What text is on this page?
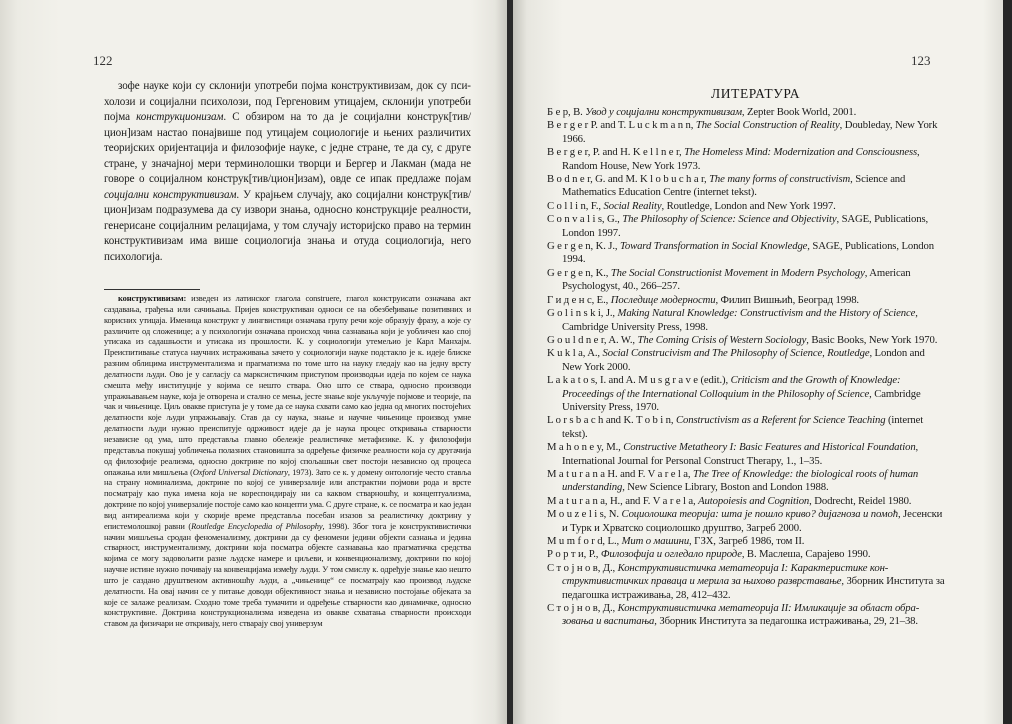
122

зофе науке који су склонији употреби појма конструктивизам, док су психолози и социјални психолози, под Гергеновим утицајем, склонији употреби појма конструкционизам. С обзиром на то да је социјални конструк[тив/цион]изам настао понајвише под утицајем социологије и њених различитих теоријских оријентација и филозофије науке, с једне стране, те да су, с друге стране, у значајној мери терминолошки творци и Бергер и Лакман (мада не говоре о социјалном конструк[тив/цион]изам), овде се ипак предлаже појам социјални конструктивизам. У крајњем случају, ако социјални конструк[тив/цион]изам подразумева да су извори знања, односно конструкције реалности, генерисане социјалним релацијама, у том случају историјско право на термин конструктивизам има више социологија знања и отуда социологија, него психологија.

конструктивизам: изведен из латинског глагола construere, глагол конструисати означава акт саздавања, грађења или сачињања. Пријев конструктиван односи се на обезбеђивање позитивних и корисних утицаја. Именица конструкт у лингвистици означава групу речи које образују фразу, а које су различите од сложенице; а у психологији означава происход чина сазнавања који је уобличен као спој утисака из садашњости и утисака из прошлости. К. у социологији утемељио је Карл Манхајм. Преиспитивање статуса научних истраживања зачето у социологији науке подстакло је к. идеје блиске разним облицима инструментализма и прагматизма по томе што на науку гледају као на једну врсту делатности људи. Ово је у сагласју са марксистичким приступом производњи идеја по којем се наука смешта међу институције у којима се нешто ствара. Оно што се ствара, односно производи упражњавањем науке, која је отворена и стално се мења, јесте знање које укључује појмове и теорије, па чак и чињенице. Циљ овакве приступа је у томе да се наука схвати само као једна од многих постојећих делатности које људи упражњавају. Став да су наука, знање и научне чињенице производ умне делатности људи нужно преиспитује одрживост идеје да је наука процес откривања стварности независне од ума, што представља главно обележје реалистичке метафизике. К. у филозофији представља покушај уобличења полазних становишта за одређење физичке реалности која су другачија од филозофије реализма, односно доктрине по којој спољaшњи свет постоји независно од процеса опажања или мишљења (Oxford Universal Dictionary, 1973). Зато се к. у домену онтологије често ставља на страну номинализма, доктрине по којој се универзалије или апстрактни појмови рода и врсте посматрају као пука имена која не кореспондирају ни са каквом стварношћу, и концептуализма, доктрине по којој универзалије постоје само као концепти ума. С друге стране, к. се посматра и као један вид антиреализма који у скорије време представља посебан изазов за реалистичку доктрину у епистемолошкој равни (Routledge Encyclopedia of Philosophy, 1998). Због тога је конструктивистички начин мишљења сродан феноменализму, доктрини да су феномени једини објекти сазнања и једина стварност, инструментализму, доктрини која посматра објекте сазнавања као прагматичка средства којима се могу задовољити разне људске намере и циљеви, и конвенционализму, доктрини по којој научне истине нужно почивају на конвенцијама између људи. У том смислу к. одређује знање као нешто што је саздано друштвеном активношћу људи, а „чињенице“ се посматрају као производ људске делатности. На овај начин се у питање доводи објективност знања и независно постојање објеката за које се залаже реализам. Сходно томе треба тумачити и одређење стварности као динамичке, односно конструктивне. Доктрина конструкционализма изведена из овакве схватања стварности происходи ставом да физичари не откривају, него стварају свој универзум

123
ЛИТЕРАТУРА
Б е р, В. Увод у социјални конструктивизам, Zepter Book World, 2001.
B e r g e r P. and T. L u c k m a n n, The Social Construction of Reality, Doubleday, New York 1966.
B e r g e r, P. and H. K e l l n e r, The Homeless Mind: Modernization and Consciousness, Random House, New York 1973.
B o d n e r, G. and M. K l o b u c h a r, The many forms of constructivism, Science and Mathematics Education Centre (internet tekst).
C o l l i n, F., Social Reality, Routledge, London and New York 1997.
C o n v a l i s, G., The Philosophy of Science: Science and Objectivity, SAGE, Publications, London 1997.
G e r g e n, K. J., Toward Transformation in Social Knowledge, SAGE, Publications, London 1994.
G e r g e n, K., The Social Constructionist Movement in Modern Psychology, American Psychologyst, 40., 266–257.
Г и д е н с, Е., Последице модерности, Филип Вишњић, Београд 1998.
G o l i n s k i, J., Making Natural Knowledge: Constructivism and the History of Science, Cambridge University Press, 1998.
G o u l d n e r, A. W., The Coming Crisis of Western Sociology, Basic Books, New York 1970.
K u k l a, A., Social Construcivism and The Philosophy of Science, Routledge, London and New York 2000.
L a k a t o s, I. and A. M u s g r a v e (edit.), Criticism and the Growth of Knowledge: Proceedings of the International Colloquium in the Philosophy of Science, Cambridge University Press, 1970.
L o r s b a c h and K. T o b i n, Constructivism as a Referent for Science Teaching (internet tekst).
M a h o n e y, M., Constructive Metatheory I: Basic Features and Historical Foundation, International Journal for Personal Construct Therapy, 1., 1–35.
M a t u r a n a H. and F. V a r e l a, The Tree of Knowledge: the biological roots of human understanding, New Science Library, Boston and London 1988.
M a t u r a n a, H., and F. V a r e l a, Autopoiesis and Cognition, Dodrecht, Reidel 1980.
M o u z e l i s, N. Социолошка теорија: шта је пошло криво? дијагноза и помоћ, Јесенски и Турк и Хрватско социолошко друштво, Загреб 2000.
M u m f o r d, L., Мит о машини, ГЗХ, Загреб 1986, том II.
Р о р т и, Р., Филозофија и огледало природе, В. Маслеша, Сарајево 1990.
С т о ј н о в, Д., Конструктивистичка метатеорија I: Карактеристике конструктивистичких правaца и мерила за њихово разврставање, Зборник Института за педагошка истраживања, 28, 412–432.
С т о ј н о в, Д., Конструктивистичка метатеорија II: Имликације за област образовања и васпитања, Зборник Института за педагошка истраживања, 29, 21–38.
